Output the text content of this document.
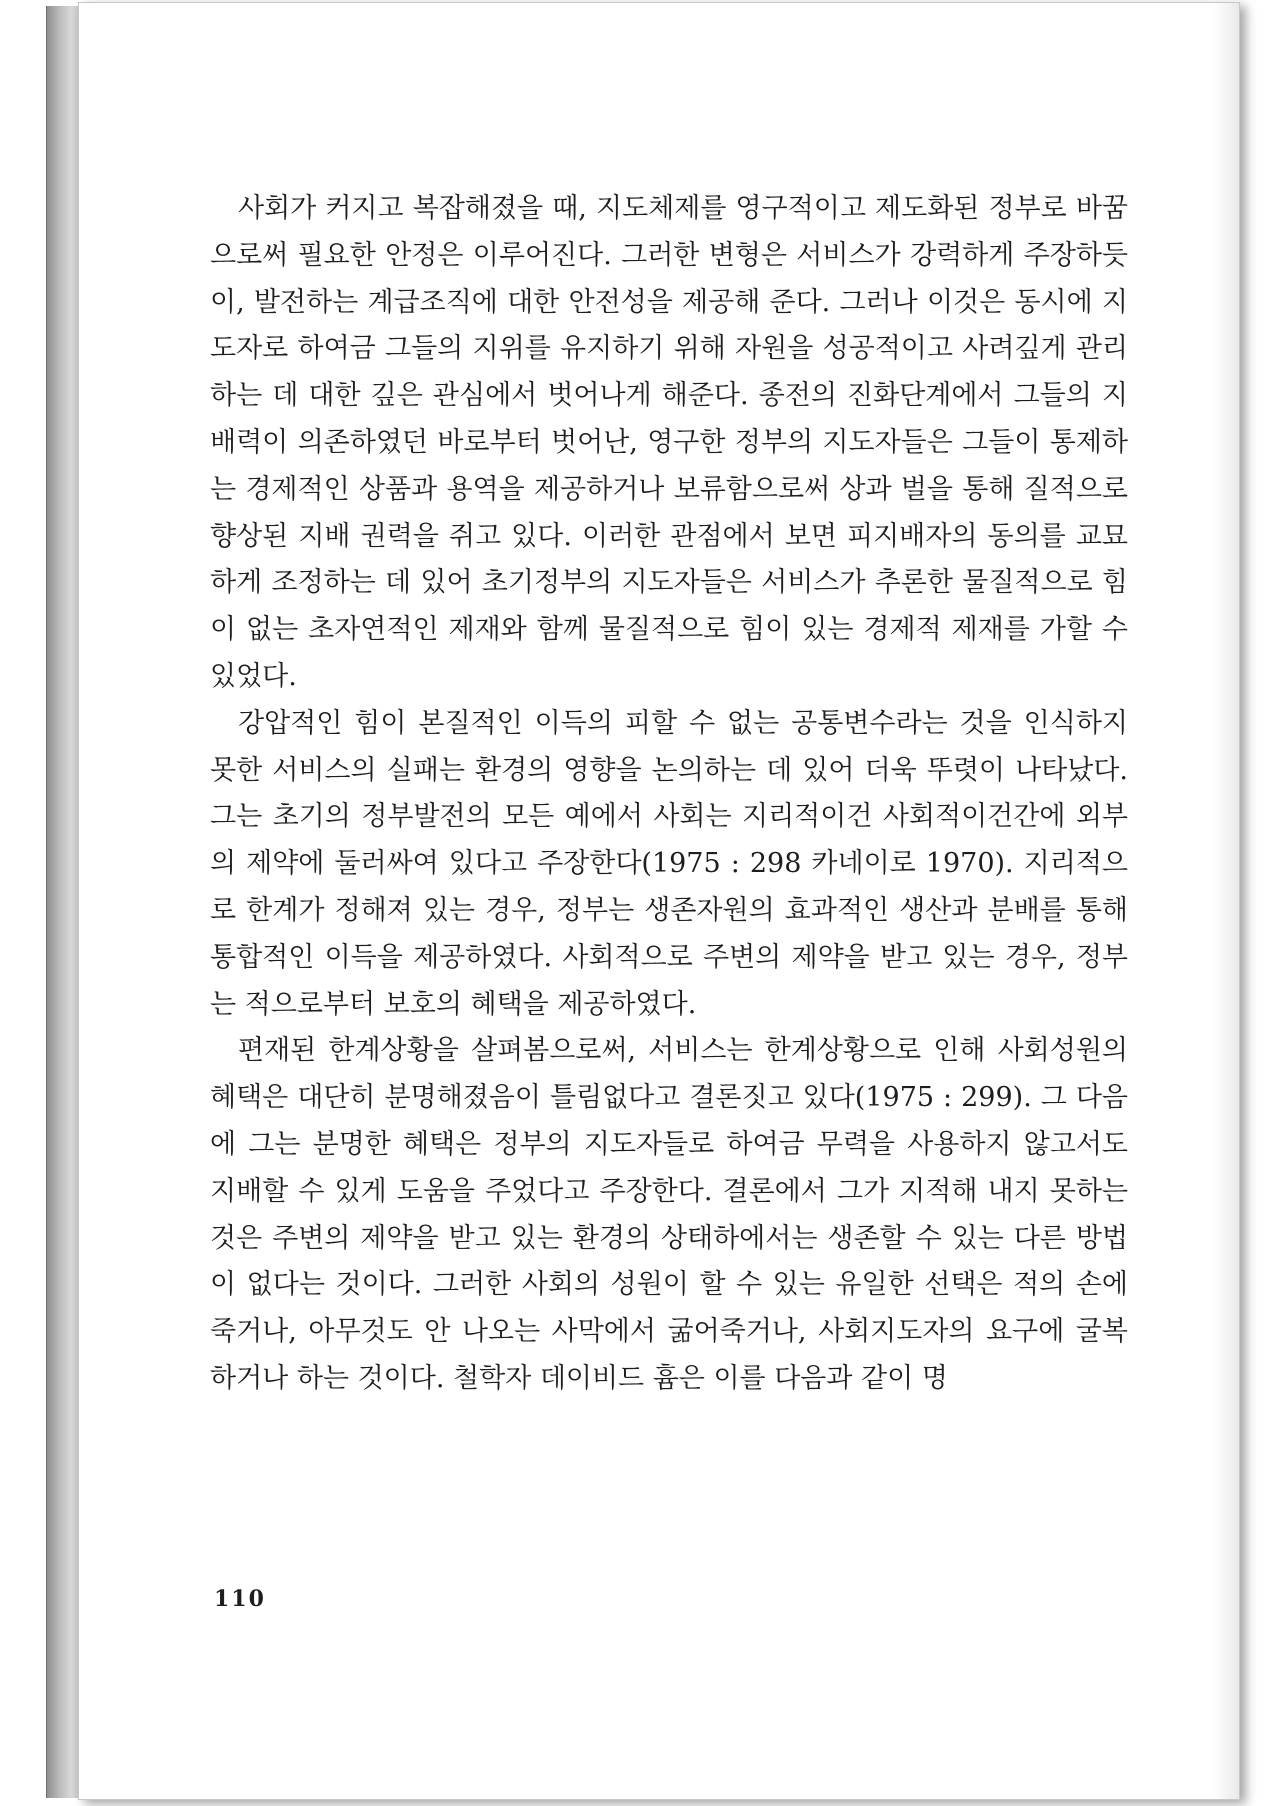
사회가 커지고 복잡해졌을 때, 지도체제를 영구적이고 제도화된 정부로 바꿈으로써 필요한 안정은 이루어진다. 그러한 변형은 서비스가 강력하게 주장하듯이, 발전하는 계급조직에 대한 안전성을 제공해 준다. 그러나 이것은 동시에 지도자로 하여금 그들의 지위를 유지하기 위해 자원을 성공적이고 사려깊게 관리하는 데 대한 깊은 관심에서 벗어나게 해준다. 종전의 진화단계에서 그들의 지배력이 의존하였던 바로부터 벗어난, 영구한 정부의 지도자들은 그들이 통제하는 경제적인 상품과 용역을 제공하거나 보류함으로써 상과 벌을 통해 질적으로 향상된 지배 권력을 쥐고 있다. 이러한 관점에서 보면 피지배자의 동의를 교묘하게 조정하는 데 있어 초기정부의 지도자들은 서비스가 추론한 물질적으로 힘이 없는 초자연적인 제재와 함께 물질적으로 힘이 있는 경제적 제재를 가할 수 있었다.

강압적인 힘이 본질적인 이득의 피할 수 없는 공통변수라는 것을 인식하지 못한 서비스의 실패는 환경의 영향을 논의하는 데 있어 더욱 뚜렷이 나타났다. 그는 초기의 정부발전의 모든 예에서 사회는 지리적이건 사회적이건간에 외부의 제약에 둘러싸여 있다고 주장한다(1975 : 298 카네이로 1970). 지리적으로 한계가 정해져 있는 경우, 정부는 생존자원의 효과적인 생산과 분배를 통해 통합적인 이득을 제공하였다. 사회적으로 주변의 제약을 받고 있는 경우, 정부는 적으로부터 보호의 혜택을 제공하였다.

편재된 한계상황을 살펴봄으로써, 서비스는 한계상황으로 인해 사회성원의 혜택은 대단히 분명해졌음이 틀림없다고 결론짓고 있다(1975 : 299). 그 다음에 그는 분명한 혜택은 정부의 지도자들로 하여금 무력을 사용하지 않고서도 지배할 수 있게 도움을 주었다고 주장한다. 결론에서 그가 지적해 내지 못하는 것은 주변의 제약을 받고 있는 환경의 상태하에서는 생존할 수 있는 다른 방법이 없다는 것이다. 그러한 사회의 성원이 할 수 있는 유일한 선택은 적의 손에 죽거나, 아무것도 안 나오는 사막에서 굶어죽거나, 사회지도자의 요구에 굴복하거나 하는 것이다. 철학자 데이비드 흄은 이를 다음과 같이 명

110
